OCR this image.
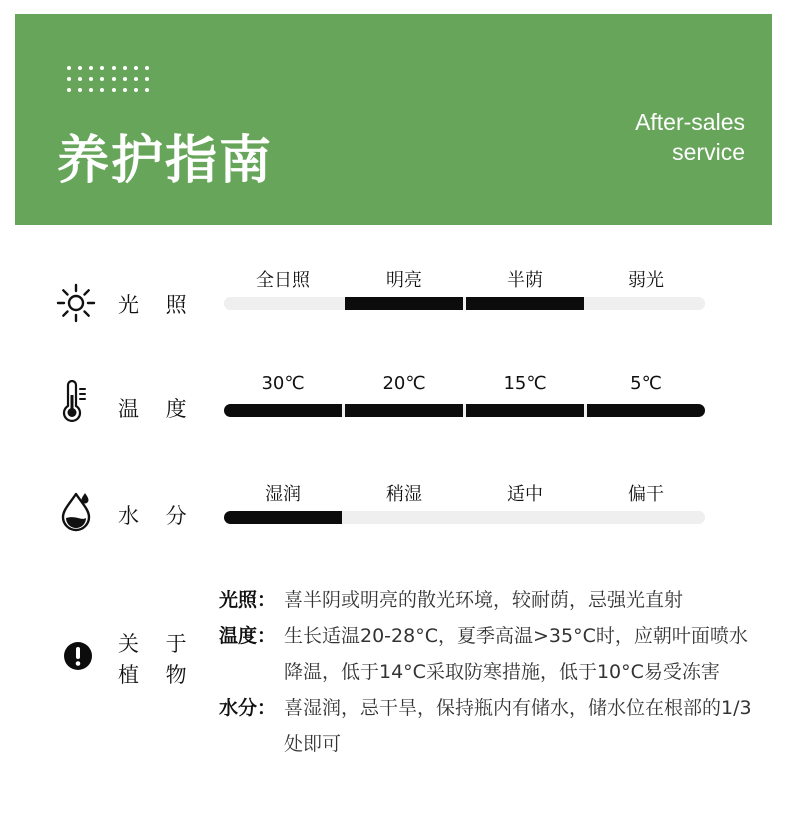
养护指南
After-sales
service
光 照
全日照	明亮	半荫	弱光
温 度
30℃	20℃	15℃	5℃
水 分
湿润	稍湿	适中	偏干
关 于
植 物
光照： 喜半阴或明亮的散光环境，较耐荫，忌强光直射
温度： 生长适温20-28°C，夏季高温>35°C时，应朝叶面喷水降温，低于14°C采取防寒措施，低于10°C易受冻害
水分： 喜湿润，忌干旱，保持瓶内有储水，储水位在根部的1/3处即可
